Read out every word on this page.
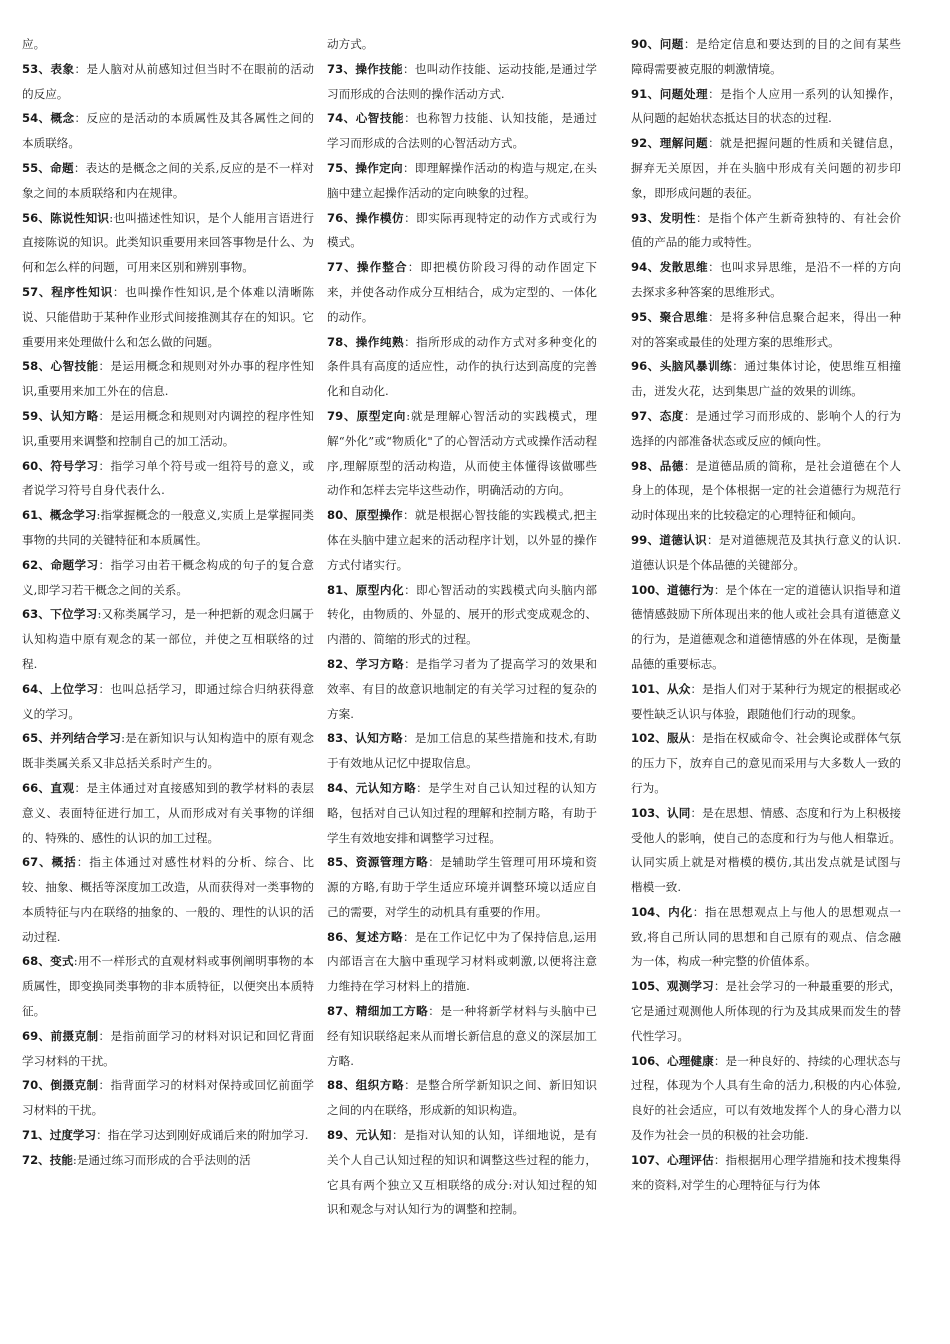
应。

53、表象：是人脑对从前感知过但当时不在眼前的活动的反应。

54、概念：反应的是活动的本质属性及其各属性之间的本质联络。

55、命题：表达的是概念之间的关系,反应的是不一样对象之间的本质联络和内在规律。

56、陈说性知识:也叫描述性知识，是个人能用言语进行直接陈说的知识。此类知识重要用来回答事物是什么、为何和怎么样的问题，可用来区别和辨别事物。

57、程序性知识：也叫操作性知识,是个体难以清晰陈说、只能借助于某种作业形式间接推测其存在的知识。它重要用来处理做什么和怎么做的问题。

58、心智技能：是运用概念和规则对外办事的程序性知识,重要用来加工外在的信息.

59、认知方略：是运用概念和规则对内调控的程序性知识,重要用来调整和控制自己的加工活动。

60、符号学习：指学习单个符号或一组符号的意义，或者说学习符号自身代表什么.

61、概念学习:指掌握概念的一般意义,实质上是掌握同类事物的共同的关键特征和本质属性。

62、命题学习：指学习由若干概念构成的句子的复合意义,即学习若干概念之间的关系。

63、下位学习:又称类属学习，是一种把新的观念归属于认知构造中原有观念的某一部位，并使之互相联络的过程.

64、上位学习：也叫总括学习，即通过综合归纳获得意义的学习。

65、并列结合学习:是在新知识与认知构造中的原有观念既非类属关系又非总括关系时产生的。

66、直观：是主体通过对直接感知到的教学材料的表层意义、表面特征进行加工，从而形成对有关事物的详细的、特殊的、感性的认识的加工过程。

67、概括：指主体通过对感性材料的分析、综合、比较、抽象、概括等深度加工改造，从而获得对一类事物的本质特征与内在联络的抽象的、一般的、理性的认识的活动过程.

68、变式:用不一样形式的直观材料或事例阐明事物的本质属性，即变换同类事物的非本质特征，以便突出本质特征。

69、前摄克制：是指前面学习的材料对识记和回忆背面学习材料的干扰。

70、倒摄克制：指背面学习的材料对保持或回忆前面学习材料的干扰。

71、过度学习：指在学习达到刚好成诵后来的附加学习.

72、技能:是通过练习而形成的合乎法则的活

动方式。

73、操作技能：也叫动作技能、运动技能,是通过学习而形成的合法则的操作活动方式.

74、心智技能：也称智力技能、认知技能，是通过学习而形成的合法则的心智活动方式。

75、操作定向：即理解操作活动的构造与规定,在头脑中建立起操作活动的定向映象的过程。

76、操作模仿：即实际再现特定的动作方式或行为模式。

77、操作整合：即把模仿阶段习得的动作固定下来，并使各动作成分互相结合，成为定型的、一体化的动作。

78、操作纯熟：指所形成的动作方式对多种变化的条件具有高度的适应性，动作的执行达到高度的完善化和自动化.

79、原型定向:就是理解心智活动的实践模式，理解“外化”或“物质化"了的心智活动方式或操作活动程序,理解原型的活动构造，从而使主体懂得该做哪些动作和怎样去完毕这些动作，明确活动的方向。

80、原型操作：就是根据心智技能的实践模式,把主体在头脑中建立起来的活动程序计划，以外显的操作方式付诸实行。

81、原型内化：即心智活动的实践模式向头脑内部转化，由物质的、外显的、展开的形式变成观念的、内潜的、简缩的形式的过程。

82、学习方略：是指学习者为了提高学习的效果和效率、有目的故意识地制定的有关学习过程的复杂的方案.

83、认知方略：是加工信息的某些措施和技术,有助于有效地从记忆中提取信息。

84、元认知方略：是学生对自己认知过程的认知方略，包括对自己认知过程的理解和控制方略，有助于学生有效地安排和调整学习过程。

85、资源管理方略：是辅助学生管理可用环境和资源的方略,有助于学生适应环境并调整环境以适应自己的需要，对学生的动机具有重要的作用。

86、复述方略：是在工作记忆中为了保持信息,运用内部语言在大脑中重现学习材料或刺激,以便将注意力维持在学习材料上的措施.

87、精细加工方略：是一种将新学材料与头脑中已经有知识联络起来从而增长新信息的意义的深层加工方略.

88、组织方略：是整合所学新知识之间、新旧知识之间的内在联络，形成新的知识构造。

89、元认知：是指对认知的认知，详细地说，是有关个人自己认知过程的知识和调整这些过程的能力，它具有两个独立又互相联络的成分:对认知过程的知识和观念与对认知行为的调整和控制。

90、问题：是给定信息和要达到的目的之间有某些障碍需要被克服的刺激情境。

91、问题处理：是指个人应用一系列的认知操作，从问题的起始状态抵达目的状态的过程.

92、理解问题：就是把握问题的性质和关键信息，摒弃无关原因，并在头脑中形成有关问题的初步印象，即形成问题的表征。

93、发明性：是指个体产生新奇独特的、有社会价值的产品的能力或特性。

94、发散思维：也叫求异思维，是沿不一样的方向去探求多种答案的思维形式。

95、聚合思维：是将多种信息聚合起来，得出一种对的答案或最佳的处理方案的思维形式。

96、头脑风暴训练：通过集体讨论，使思维互相撞击，迸发火花，达到集思广益的效果的训练。

97、态度：是通过学习而形成的、影响个人的行为选择的内部准备状态或反应的倾向性。

98、品德：是道德品质的简称，是社会道德在个人身上的体现，是个体根据一定的社会道德行为规范行动时体现出来的比较稳定的心理特征和倾向。

99、道德认识：是对道德规范及其执行意义的认识.道德认识是个体品德的关键部分。

100、道德行为：是个体在一定的道德认识指导和道德情感鼓励下所体现出来的他人或社会具有道德意义的行为，是道德观念和道德情感的外在体现，是衡量品德的重要标志。

101、从众：是指人们对于某种行为规定的根据或必要性缺乏认识与体验，跟随他们行动的现象。

102、服从：是指在权威命令、社会舆论或群体气氛的压力下，放弃自己的意见而采用与大多数人一致的行为。

103、认同：是在思想、情感、态度和行为上积极接受他人的影响，使自己的态度和行为与他人相靠近。认同实质上就是对楷模的模仿,其出发点就是试图与楷模一致.

104、内化：指在思想观点上与他人的思想观点一致,将自己所认同的思想和自己原有的观点、信念融为一体，构成一种完整的价值体系。

105、观测学习：是社会学习的一种最重要的形式，它是通过观测他人所体现的行为及其成果而发生的替代性学习。

106、心理健康：是一种良好的、持续的心理状态与过程，体现为个人具有生命的活力,积极的内心体验,良好的社会适应，可以有效地发挥个人的身心潜力以及作为社会一员的积极的社会功能.

107、心理评估：指根据用心理学措施和技术搜集得来的资料,对学生的心理特征与行为体
